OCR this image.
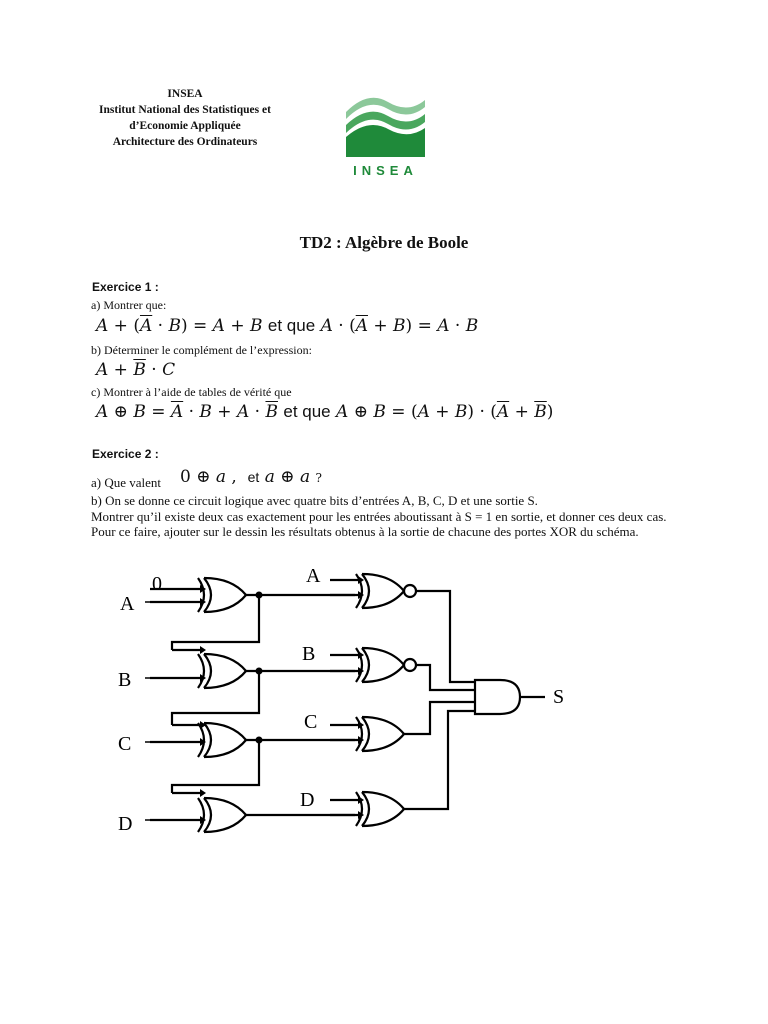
INSEA
Institut National des Statistiques et
d’Economie Appliquée
Architecture des Ordinateurs
INSEA
TD2 : Algèbre de Boole
Exercice 1 :
a) Montrer que:
$A + (\overline{A} \cdot B) = A + B$ et que $A \cdot (\overline{A} + B) = A \cdot B$
b) Déterminer le complément de l’expression:
$A + \overline{B} \cdot C$
c) Montrer à l’aide de tables de vérité que
A ⊕ $B = \overline{A} \cdot B + A \cdot \overline{B}$ et que A ⊕ $B = (A + B) \cdot (\overline{A} + \overline{B})$
Exercice 2 :
a) Que valent 0 ⊕ a ,  et a ⊕ a ?
b) On se donne ce circuit logique avec quatre bits d’entrées A, B, C, D et une sortie S.
Montrer qu’il existe deux cas exactement pour les entrées aboutissant à S = 1 en sortie, et donner ces deux cas. Pour ce faire, ajouter sur le dessin les résultats obtenus à la sortie de chacune des portes XOR du schéma.
0
A
B
C
D
A
B
C
D
S
